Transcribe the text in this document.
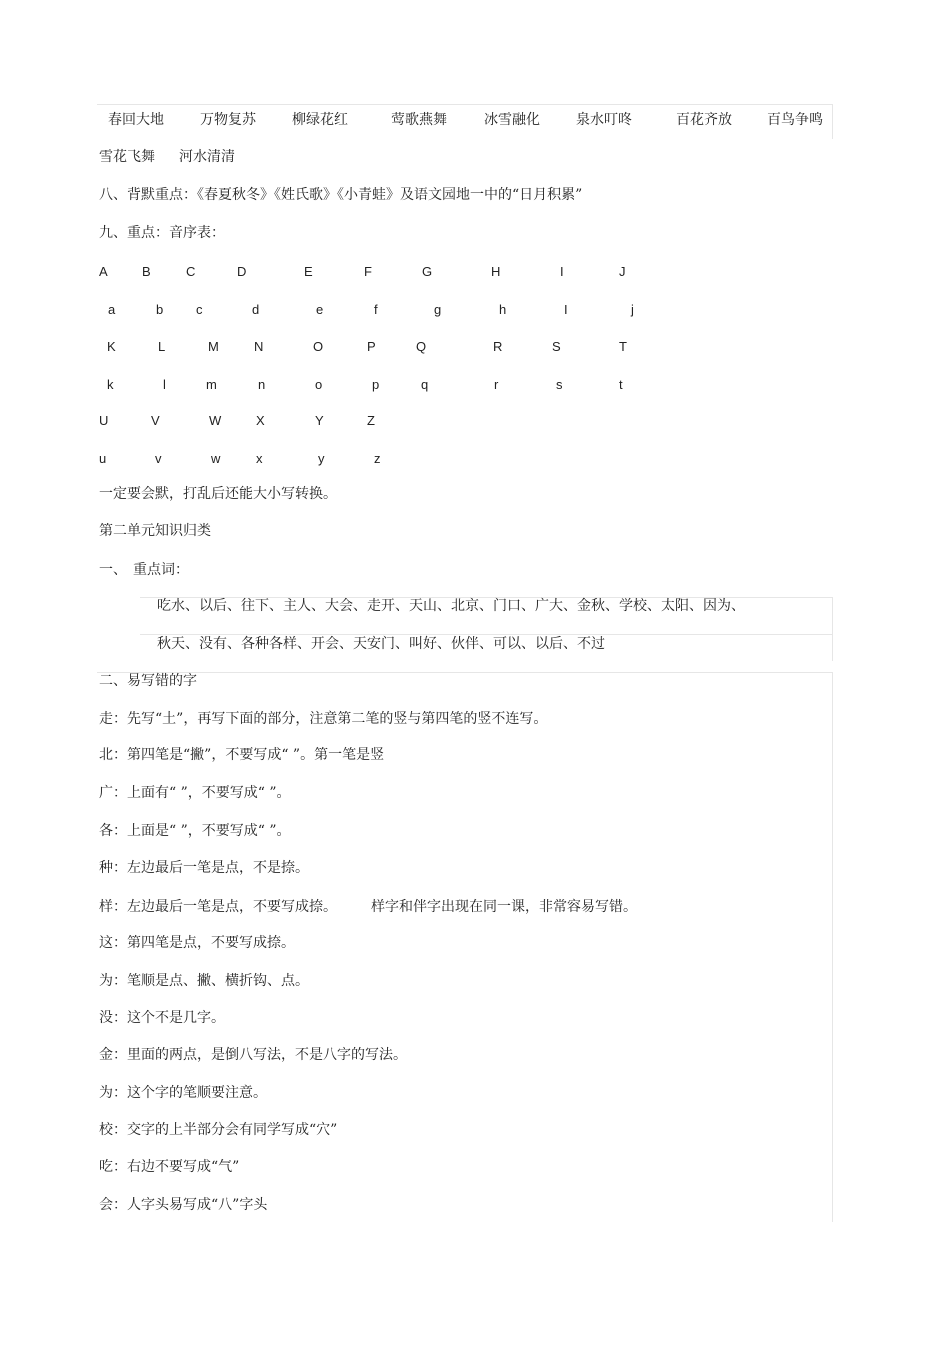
春回大地	万物复苏	柳绿花红	莺歌燕舞	冰雪融化	泉水叮咚	百花齐放	百鸟争鸣
雪花飞舞 河水清清
八、背默重点：《春夏秋冬》《姓氏歌》《小青蛙》及语文园地一中的“日月积累”
九、重点：音序表：
A	B	C	D	E	F	G	H	I	J
a	b	c	d	e	f	g	h	I	j
K	L	M	N	O	P	Q	R	S	T
k	l	m	n	o	p	q	r	s	t
U	V	W	X	Y	Z
u	v	w	x	y	z
一定要会默，打乱后还能大小写转换。
第二单元知识归类
一、 重点词：
吃水、以后、往下、主人、大会、走开、天山、北京、门口、广大、金秋、学校、太阳、因为、
秋天、没有、各种各样、开会、天安门、叫好、伙伴、可以、以后、不过
二、易写错的字
走：先写“土”，再写下面的部分，注意第二笔的竖与第四笔的竖不连写。
北：第四笔是“撇”，不要写成“ ”。第一笔是竖
广：上面有“ ”，不要写成“ ”。
各：上面是“ ”，不要写成“ ”。
种：左边最后一笔是点，不是捺。
样：左边最后一笔是点，不要写成捺。 样字和伴字出现在同一课，非常容易写错。
这：第四笔是点，不要写成捺。
为：笔顺是点、撇、横折钩、点。
没：这个不是几字。
金：里面的两点，是倒八写法，不是八字的写法。
为：这个字的笔顺要注意。
校：交字的上半部分会有同学写成“穴”
吃：右边不要写成“气”
会：人字头易写成“八”字头
